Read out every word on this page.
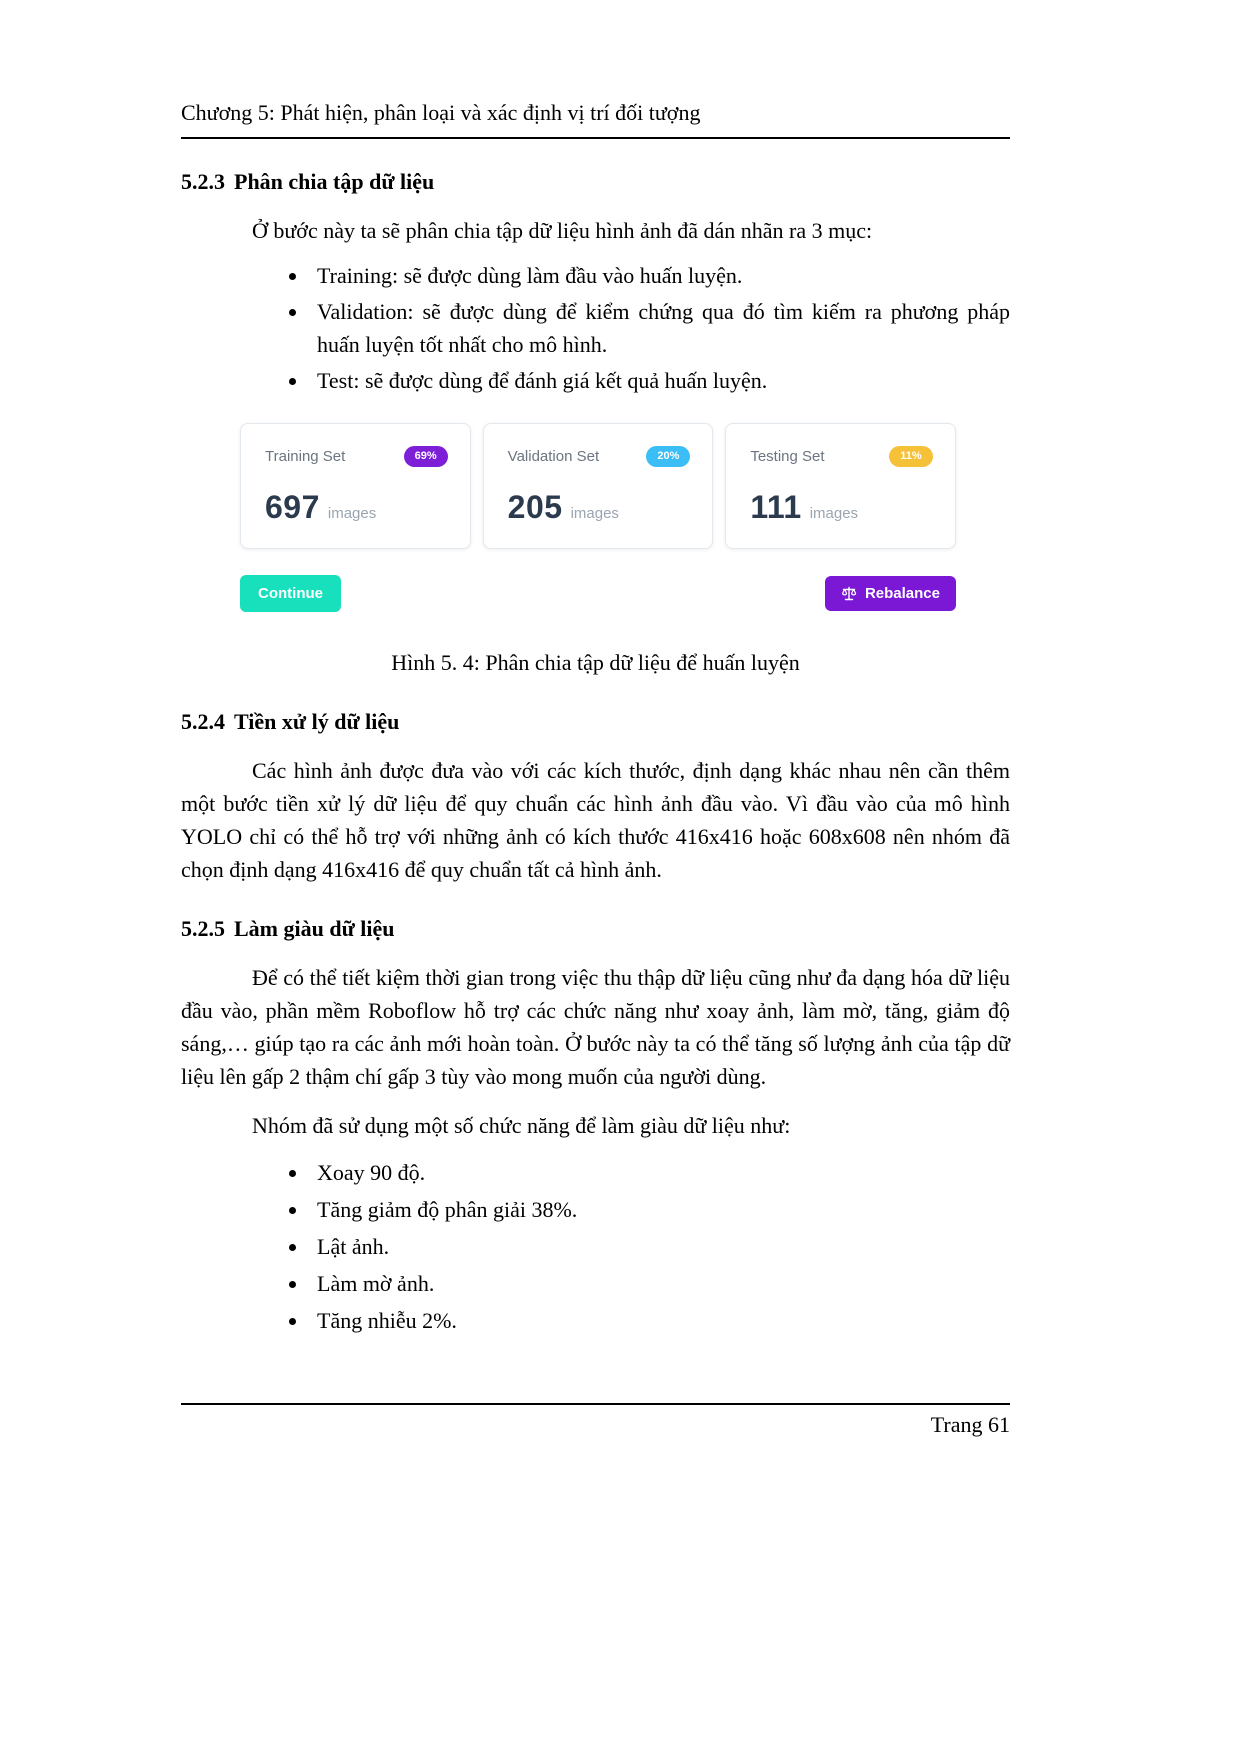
Chương 5: Phát hiện, phân loại và xác định vị trí đối tượng
5.2.3 Phân chia tập dữ liệu

Ở bước này ta sẽ phân chia tập dữ liệu hình ảnh đã dán nhãn ra 3 mục:

• Training: sẽ được dùng làm đầu vào huấn luyện.
• Validation: sẽ được dùng để kiểm chứng qua đó tìm kiếm ra phương pháp huấn luyện tốt nhất cho mô hình.
• Test: sẽ được dùng để đánh giá kết quả huấn luyện.
Training Set	69%
697 images
Validation Set	20%
205 images
Testing Set	11%
111 images
Continue	Rebalance

Hình 5. 4: Phân chia tập dữ liệu để huấn luyện

5.2.4 Tiền xử lý dữ liệu

Các hình ảnh được đưa vào với các kích thước, định dạng khác nhau nên cần thêm một bước tiền xử lý dữ liệu để quy chuẩn các hình ảnh đầu vào. Vì đầu vào của mô hình YOLO chỉ có thể hỗ trợ với những ảnh có kích thước 416x416 hoặc 608x608 nên nhóm đã chọn định dạng 416x416 để quy chuẩn tất cả hình ảnh.

5.2.5 Làm giàu dữ liệu

Để có thể tiết kiệm thời gian trong việc thu thập dữ liệu cũng như đa dạng hóa dữ liệu đầu vào, phần mềm Roboflow hỗ trợ các chức năng như xoay ảnh, làm mờ, tăng, giảm độ sáng,… giúp tạo ra các ảnh mới hoàn toàn. Ở bước này ta có thể tăng số lượng ảnh của tập dữ liệu lên gấp 2 thậm chí gấp 3 tùy vào mong muốn của người dùng.

Nhóm đã sử dụng một số chức năng để làm giàu dữ liệu như:

• Xoay 90 độ.
• Tăng giảm độ phân giải 38%.
• Lật ảnh.
• Làm mờ ảnh.
• Tăng nhiễu 2%.
Trang 61
